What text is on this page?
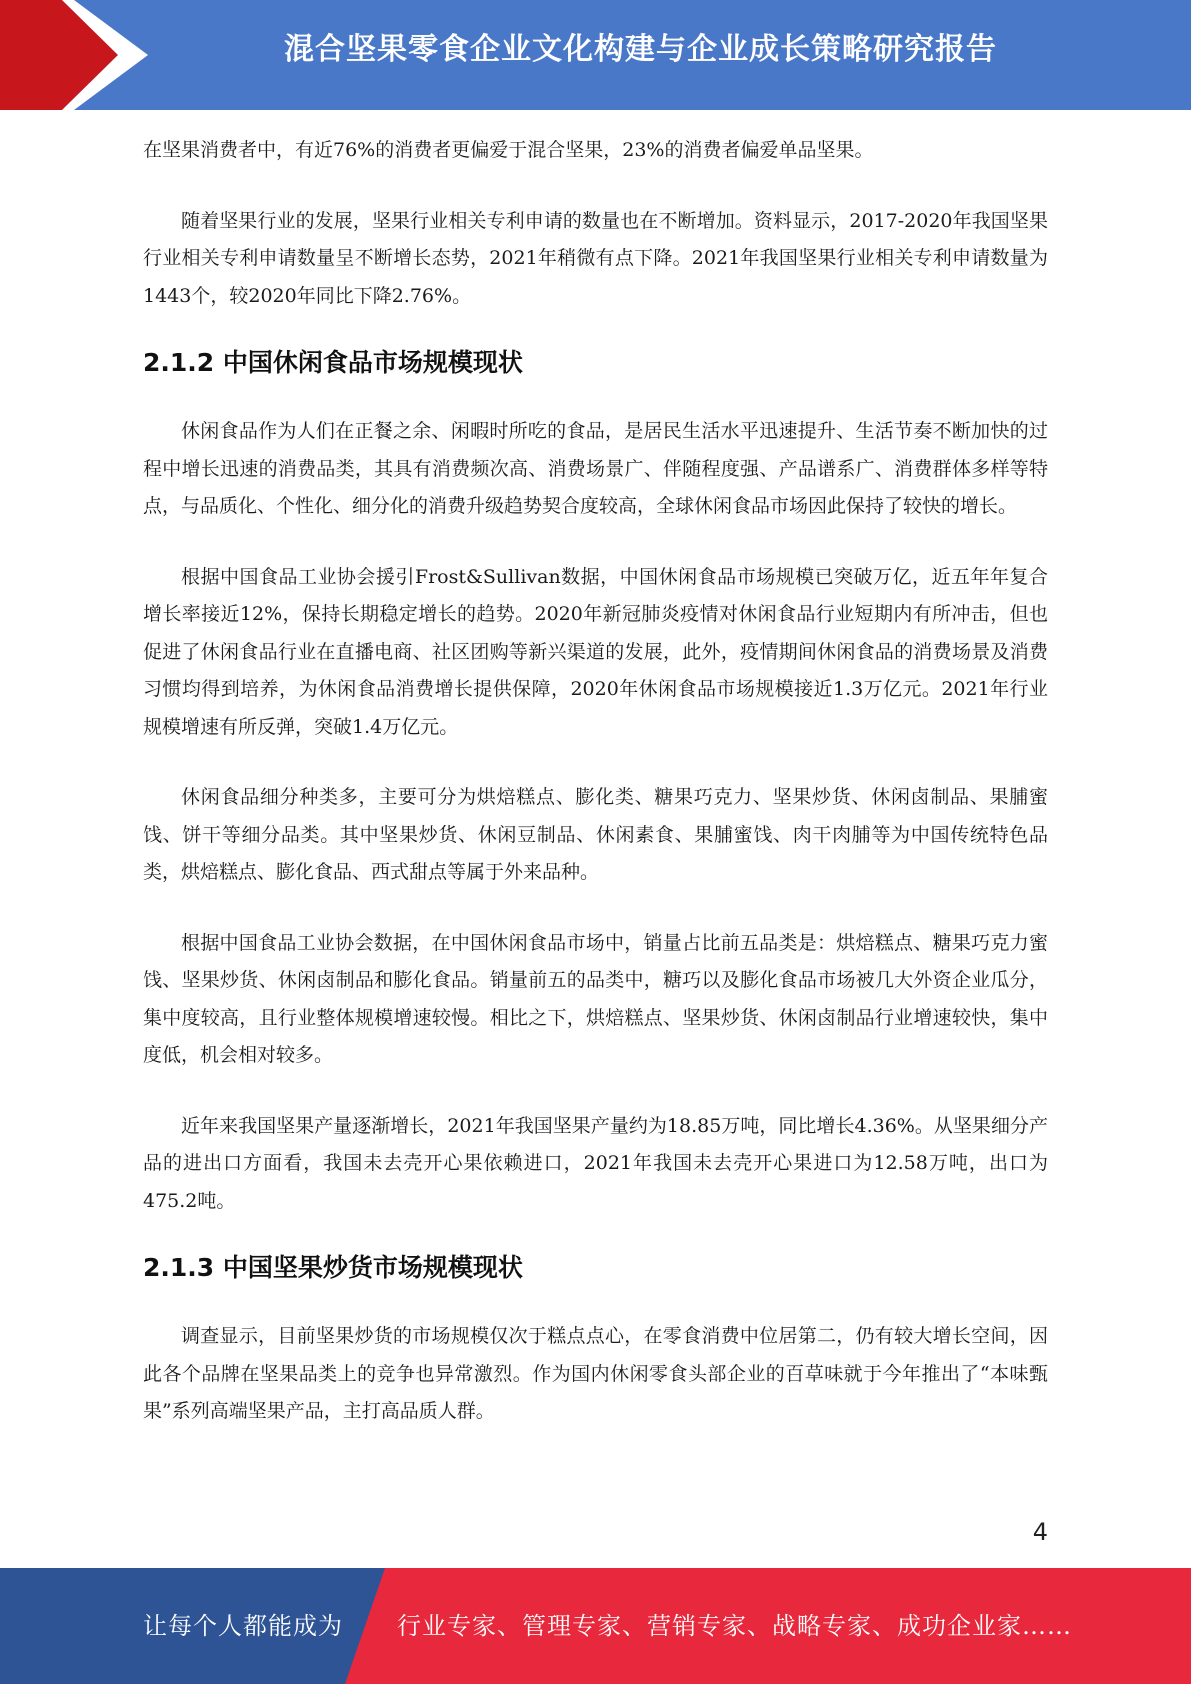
混合坚果零食企业文化构建与企业成长策略研究报告

在坚果消费者中，有近76%的消费者更偏爱于混合坚果，23%的消费者偏爱单品坚果。

随着坚果行业的发展，坚果行业相关专利申请的数量也在不断增加。资料显示，2017-2020年我国坚果行业相关专利申请数量呈不断增长态势，2021年稍微有点下降。2021年我国坚果行业相关专利申请数量为1443个，较2020年同比下降2.76%。

2.1.2 中国休闲食品市场规模现状

休闲食品作为人们在正餐之余、闲暇时所吃的食品，是居民生活水平迅速提升、生活节奏不断加快的过程中增长迅速的消费品类，其具有消费频次高、消费场景广、伴随程度强、产品谱系广、消费群体多样等特点，与品质化、个性化、细分化的消费升级趋势契合度较高，全球休闲食品市场因此保持了较快的增长。

根据中国食品工业协会援引Frost&Sullivan数据，中国休闲食品市场规模已突破万亿，近五年年复合增长率接近12%，保持长期稳定增长的趋势。2020年新冠肺炎疫情对休闲食品行业短期内有所冲击，但也促进了休闲食品行业在直播电商、社区团购等新兴渠道的发展，此外，疫情期间休闲食品的消费场景及消费习惯均得到培养，为休闲食品消费增长提供保障，2020年休闲食品市场规模接近1.3万亿元。2021年行业规模增速有所反弹，突破1.4万亿元。

休闲食品细分种类多，主要可分为烘焙糕点、膨化类、糖果巧克力、坚果炒货、休闲卤制品、果脯蜜饯、饼干等细分品类。其中坚果炒货、休闲豆制品、休闲素食、果脯蜜饯、肉干肉脯等为中国传统特色品类，烘焙糕点、膨化食品、西式甜点等属于外来品种。

根据中国食品工业协会数据，在中国休闲食品市场中，销量占比前五品类是：烘焙糕点、糖果巧克力蜜饯、坚果炒货、休闲卤制品和膨化食品。销量前五的品类中，糖巧以及膨化食品市场被几大外资企业瓜分，集中度较高，且行业整体规模增速较慢。相比之下，烘焙糕点、坚果炒货、休闲卤制品行业增速较快，集中度低，机会相对较多。

近年来我国坚果产量逐渐增长，2021年我国坚果产量约为18.85万吨，同比增长4.36%。从坚果细分产品的进出口方面看，我国未去壳开心果依赖进口，2021年我国未去壳开心果进口为12.58万吨，出口为475.2吨。

2.1.3 中国坚果炒货市场规模现状

调查显示，目前坚果炒货的市场规模仅次于糕点点心，在零食消费中位居第二，仍有较大增长空间，因此各个品牌在坚果品类上的竞争也异常激烈。作为国内休闲零食头部企业的百草味就于今年推出了“本味甄果”系列高端坚果产品，主打高品质人群。

4
让每个人都能成为 行业专家、管理专家、营销专家、战略专家、成功企业家……
